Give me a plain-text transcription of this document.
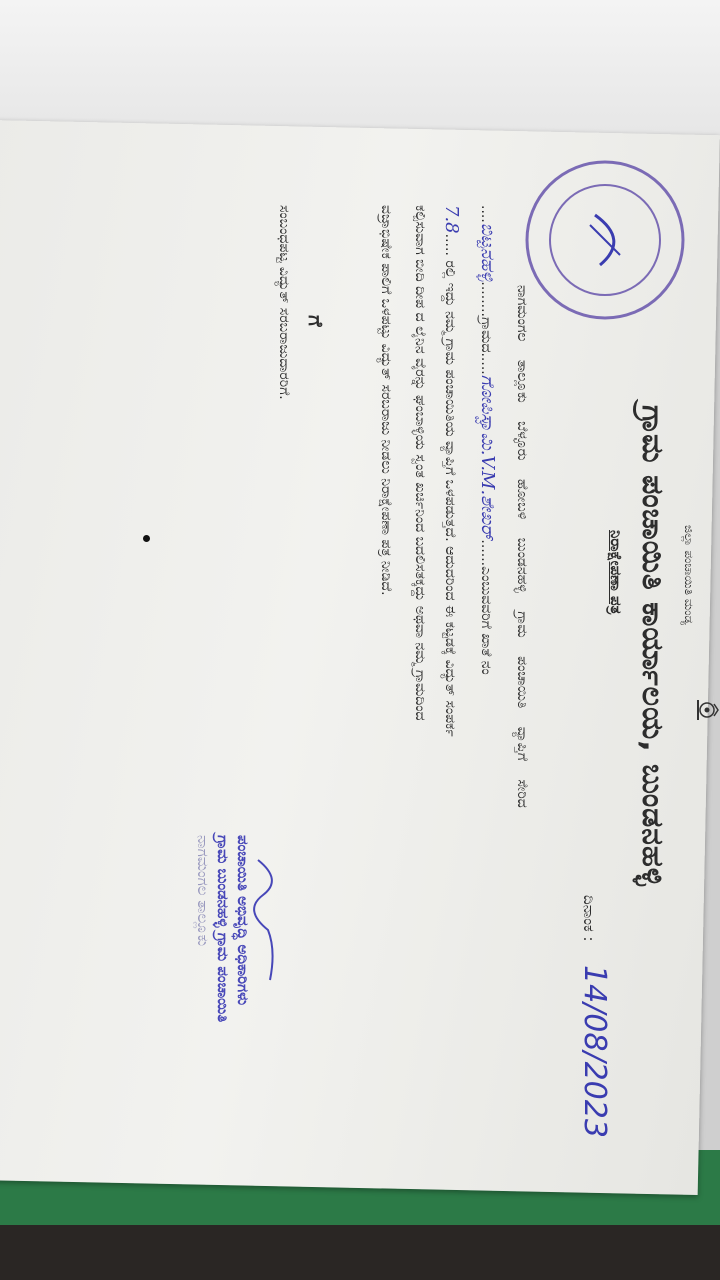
ಜಿಲ್ಲಾ ಪಂಚಾಯಿತಿ ಮಂಡ್ಯ
ಗ್ರಾಮ ಪಂಚಾಯಿತಿ ಕಾರ್ಯಾಲಯ, ಬುಂಡನಹಳ್ಳಿ
ನಿರಾಕ್ಷೇಪಣಾ ಪತ್ರ
ದಿನಾಂಕ :
14/08/2023
ನಾಗಮಂಗಲ ತಾಲ್ಲೂಕು ಬೆಳ್ಳೂರು ಹೋಬಳಿ ಬುಂಡನಹಳ್ಳಿ ಗ್ರಾಮ ಪಂಚಾಯಿತಿ ವ್ಯಾಪ್ತಿಗೆ ಸೇರಿದ
....ಬಿಟ್ಟನಹಳ್ಳಿ........ಗ್ರಾಮದ.....ಗೋಪಿಸ್ವಾಮಿ.V.M.ಶೇಖರ್......ಎಂಬುವವರಿಗೆ ಖಾತೆ ನಂ
7.8..... ರಲ್ಲಿ ಇದ್ದು ನಮ್ಮ ಗ್ರಾಮ ಪಂಚಾಯಿತಿಯ ವ್ಯಾಪ್ತಿಗೆ ಒಳಪಡುತ್ತದೆ. ಆದುದರಿಂದ ಈ ಕಟ್ಟಡಕ್ಕೆ ವಿದ್ಯುತ್ ಸಂಪರ್ಕ
ಕಲ್ಪಿಸುವಾಗ ಬೀದಿ ದೀಪ ದ ಲೈನಿನ ವೈರನ್ನು ಘಂಬಾಳ್ಳಿಯ ಸ್ವಂತ ಖರ್ಚಿನಿಂದ ಬದಲಿಸತಕ್ಕದ್ದು ಅಥವಾ ನಮ್ಮ ಗ್ರಾಮದಿಂದ
ವಜ್ರಾಭಿಷೇಕ ಪಾಲಿಗೆ ಒಳಪಟ್ಟು ವಿದ್ಯುತ್ ಸರಬರಾಜು ನೀಡಲು ನಿರಾಕ್ಷೇಪಣಾ ಪತ್ರ ನೀಡಿದೆ.
ಗೆ
ಸಂಬಂಧಪಟ್ಟ ವಿದ್ಯುತ್ ಸರಬರಾಜುದಾರರಿಗೆ.
ಪಂಚಾಯಿತಿ ಅಭಿವೃದ್ಧಿ ಅಧಿಕಾರಿಗಳು
ಗ್ರಾಮ ಬುಂಡನಹಳ್ಳಿ ಗ್ರಾಮ ಪಂಚಾಯಿತಿ
ನಾಗಮಂಗಲ ತಾಲ್ಲೂಕು
